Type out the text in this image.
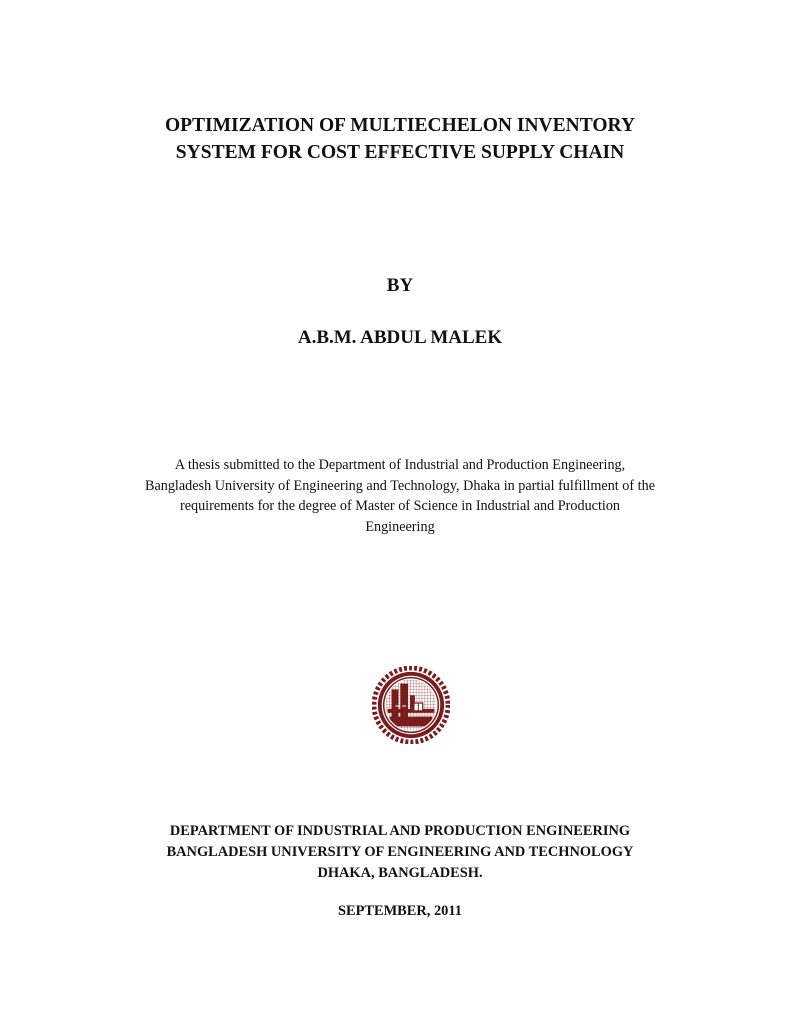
OPTIMIZATION OF MULTIECHELON INVENTORY
SYSTEM FOR COST EFFECTIVE SUPPLY CHAIN
BY
A.B.M. ABDUL MALEK
A thesis submitted to the Department of Industrial and Production Engineering,
Bangladesh University of Engineering and Technology, Dhaka in partial fulfillment of the
requirements for the degree of Master of Science in Industrial and Production
Engineering
DEPARTMENT OF INDUSTRIAL AND PRODUCTION ENGINEERING
BANGLADESH UNIVERSITY OF ENGINEERING AND TECHNOLOGY
DHAKA, BANGLADESH.
SEPTEMBER, 2011
